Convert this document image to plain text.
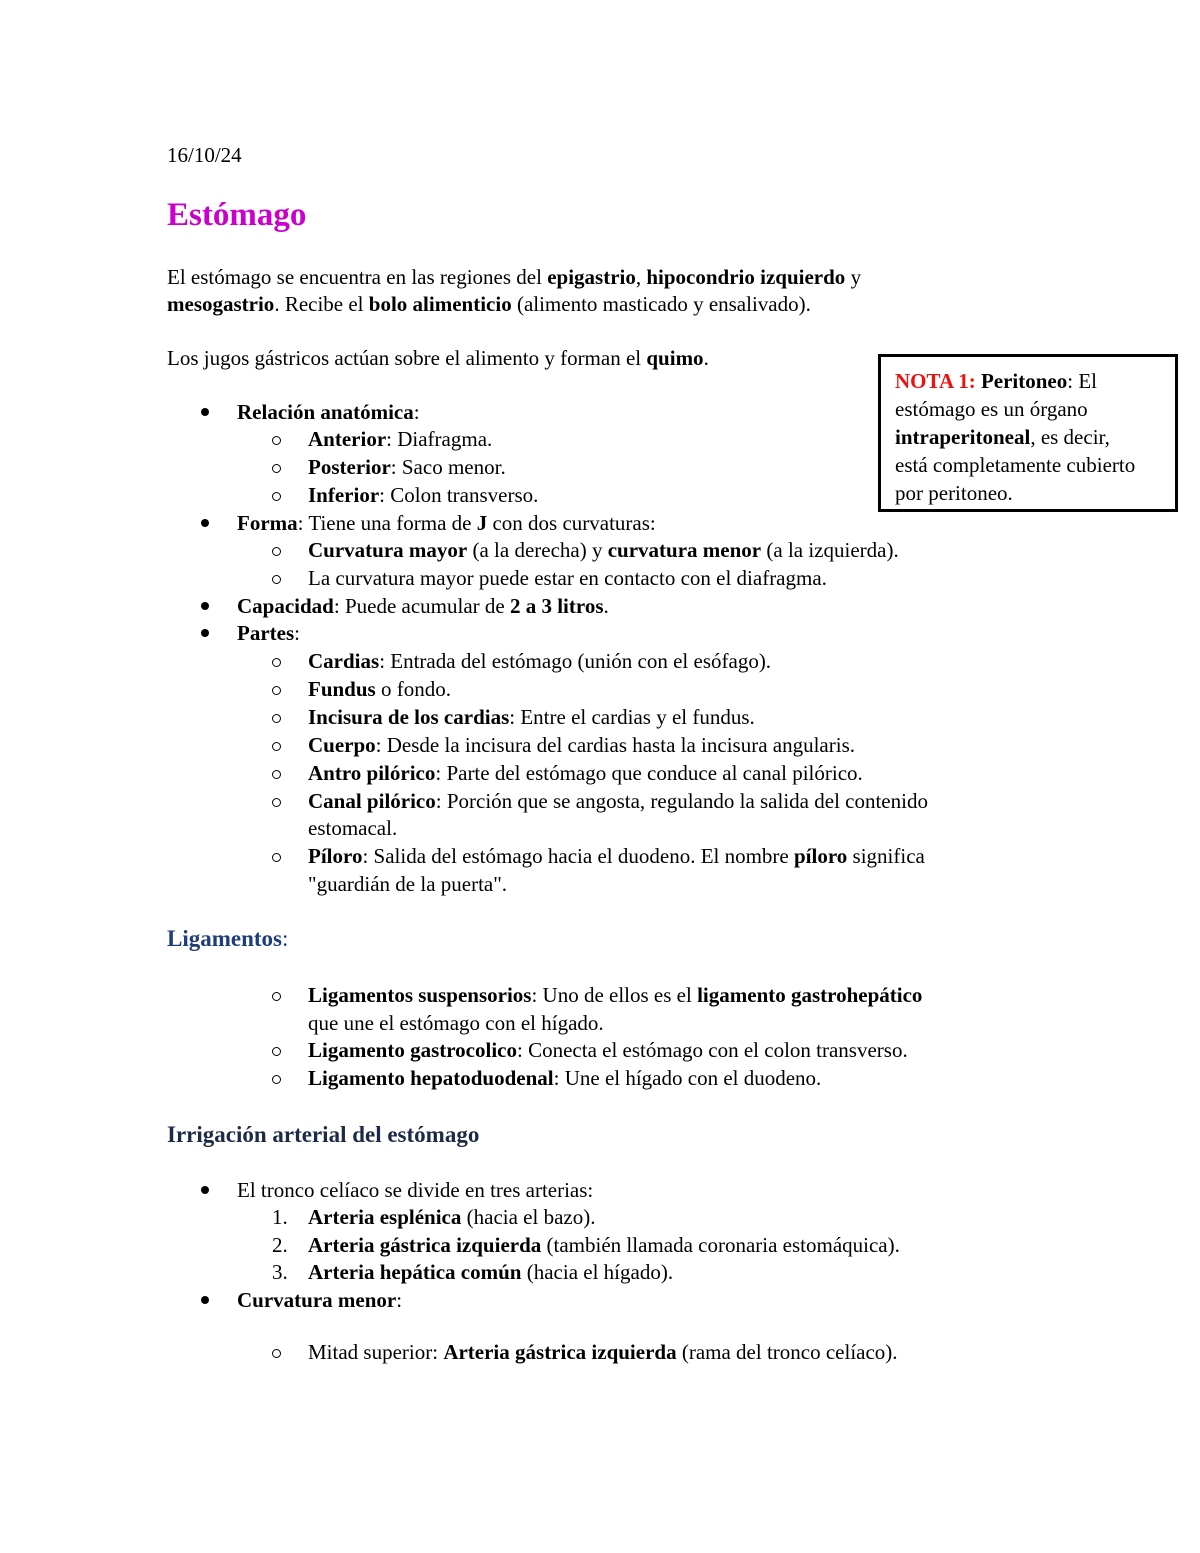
16/10/24
Estómago
El estómago se encuentra en las regiones del epigastrio, hipocondrio izquierdo y
mesogastrio. Recibe el bolo alimenticio (alimento masticado y ensalivado).
Los jugos gástricos actúan sobre el alimento y forman el quimo.
NOTA 1: Peritoneo: El
estómago es un órgano
intraperitoneal, es decir,
está completamente cubierto
por peritoneo.
Relación anatómica:
Anterior: Diafragma.
Posterior: Saco menor.
Inferior: Colon transverso.
Forma: Tiene una forma de J con dos curvaturas:
Curvatura mayor (a la derecha) y curvatura menor (a la izquierda).
La curvatura mayor puede estar en contacto con el diafragma.
Capacidad: Puede acumular de 2 a 3 litros.
Partes:
Cardias: Entrada del estómago (unión con el esófago).
Fundus o fondo.
Incisura de los cardias: Entre el cardias y el fundus.
Cuerpo: Desde la incisura del cardias hasta la incisura angularis.
Antro pilórico: Parte del estómago que conduce al canal pilórico.
Canal pilórico: Porción que se angosta, regulando la salida del contenido
estomacal.
Píloro: Salida del estómago hacia el duodeno. El nombre píloro significa
"guardián de la puerta".
Ligamentos:
Ligamentos suspensorios: Uno de ellos es el ligamento gastrohepático
que une el estómago con el hígado.
Ligamento gastrocolico: Conecta el estómago con el colon transverso.
Ligamento hepatoduodenal: Une el hígado con el duodeno.
Irrigación arterial del estómago
El tronco celíaco se divide en tres arterias:
1. Arteria esplénica (hacia el bazo).
2. Arteria gástrica izquierda (también llamada coronaria estomáquica).
3. Arteria hepática común (hacia el hígado).
Curvatura menor:
Mitad superior: Arteria gástrica izquierda (rama del tronco celíaco).
